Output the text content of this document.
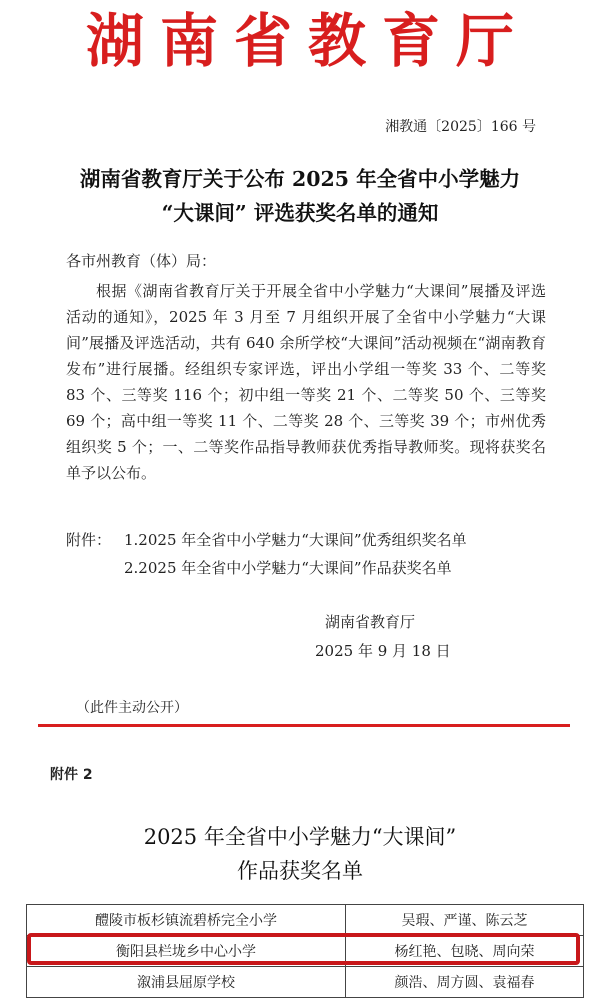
湖南省教育厅
湘教通〔2025〕166 号
湖南省教育厅关于公布 2025 年全省中小学魅力
“大课间” 评选获奖名单的通知
各市州教育（体）局：
根据《湖南省教育厅关于开展全省中小学魅力“大课间”展播及评选活动的通知》，2025 年 3 月至 7 月组织开展了全省中小学魅力“大课间”展播及评选活动，共有 640 余所学校“大课间”活动视频在“湖南教育发布”进行展播。经组织专家评选，评出小学组一等奖 33 个、二等奖 83 个、三等奖 116 个；初中组一等奖 21 个、二等奖 50 个、三等奖 69 个；高中组一等奖 11 个、二等奖 28 个、三等奖 39 个；市州优秀组织奖 5 个；一、二等奖作品指导教师获优秀指导教师奖。现将获奖名单予以公布。
附件： 1.2025 年全省中小学魅力“大课间”优秀组织奖名单
2.2025 年全省中小学魅力“大课间”作品获奖名单
湖南省教育厅
2025 年 9 月 18 日
（此件主动公开）
附件 2
2025 年全省中小学魅力“大课间”
作品获奖名单
醴陵市板杉镇流碧桥完全小学	吴瑕、严谨、陈云芝
衡阳县栏垅乡中心小学	杨红艳、包晓、周向荣
溆浦县屈原学校	颜浩、周方圆、袁福春
